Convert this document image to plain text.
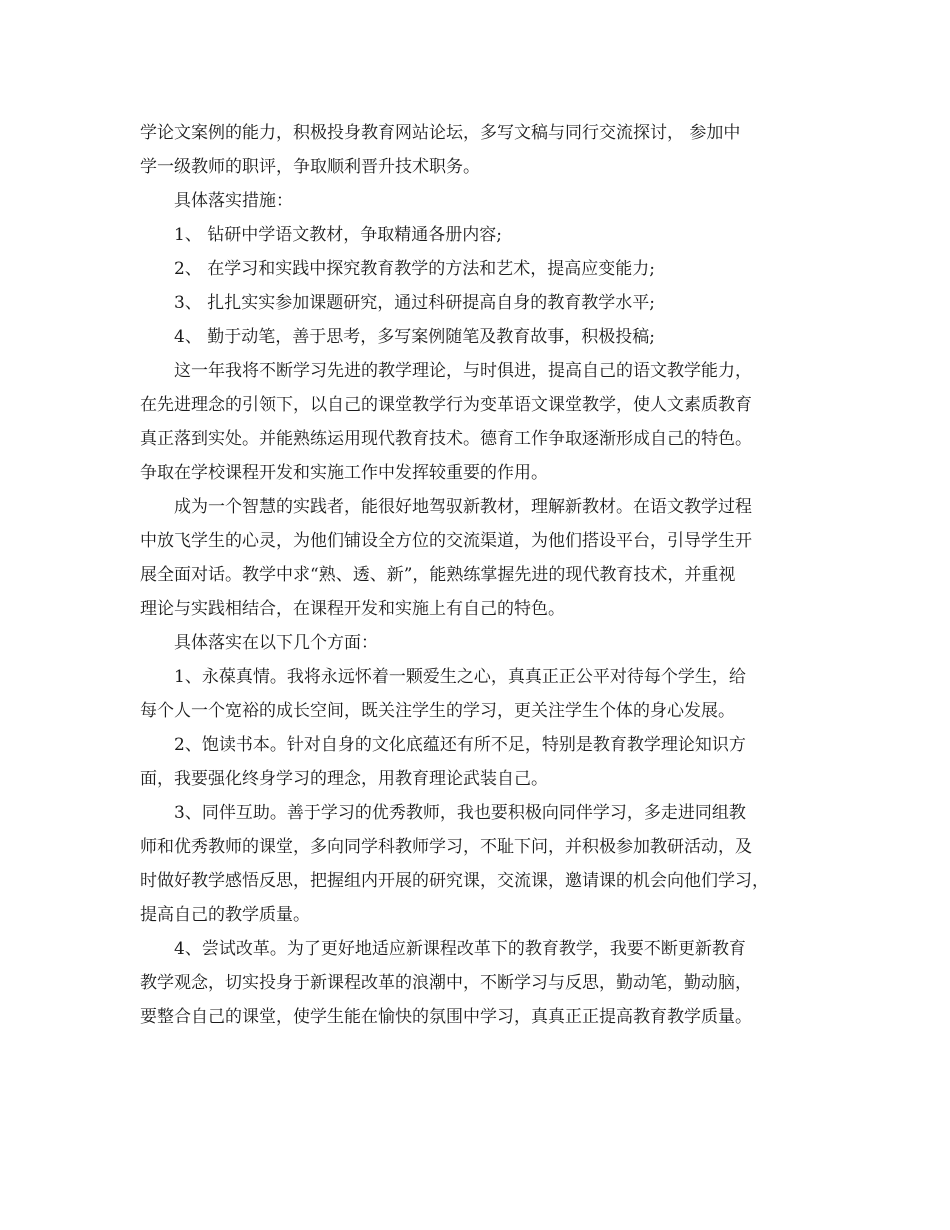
学论文案例的能力，积极投身教育网站论坛，多写文稿与同行交流探讨， 参加中
学一级教师的职评，争取顺利晋升技术职务。
具体落实措施：
1、 钻研中学语文教材，争取精通各册内容;
2、 在学习和实践中探究教育教学的方法和艺术，提高应变能力;
3、 扎扎实实参加课题研究，通过科研提高自身的教育教学水平;
4、 勤于动笔，善于思考，多写案例随笔及教育故事，积极投稿;
这一年我将不断学习先进的教学理论，与时俱进，提高自己的语文教学能力，
在先进理念的引领下，以自己的课堂教学行为变革语文课堂教学，使人文素质教育
真正落到实处。并能熟练运用现代教育技术。德育工作争取逐渐形成自己的特色。
争取在学校课程开发和实施工作中发挥较重要的作用。
成为一个智慧的实践者，能很好地驾驭新教材，理解新教材。在语文教学过程
中放飞学生的心灵，为他们铺设全方位的交流渠道，为他们搭设平台，引导学生开
展全面对话。教学中求“熟、透、新”，能熟练掌握先进的现代教育技术，并重视
理论与实践相结合，在课程开发和实施上有自己的特色。
具体落实在以下几个方面：
1、永葆真情。我将永远怀着一颗爱生之心，真真正正公平对待每个学生，给
每个人一个宽裕的成长空间，既关注学生的学习，更关注学生个体的身心发展。
2、饱读书本。针对自身的文化底蕴还有所不足，特别是教育教学理论知识方
面，我要强化终身学习的理念，用教育理论武装自己。
3、同伴互助。善于学习的优秀教师，我也要积极向同伴学习，多走进同组教
师和优秀教师的课堂，多向同学科教师学习，不耻下问，并积极参加教研活动，及
时做好教学感悟反思，把握组内开展的研究课，交流课，邀请课的机会向他们学习，
提高自己的教学质量。
4、尝试改革。为了更好地适应新课程改革下的教育教学，我要不断更新教育
教学观念，切实投身于新课程改革的浪潮中，不断学习与反思，勤动笔，勤动脑，
要整合自己的课堂，使学生能在愉快的氛围中学习，真真正正提高教育教学质量。
